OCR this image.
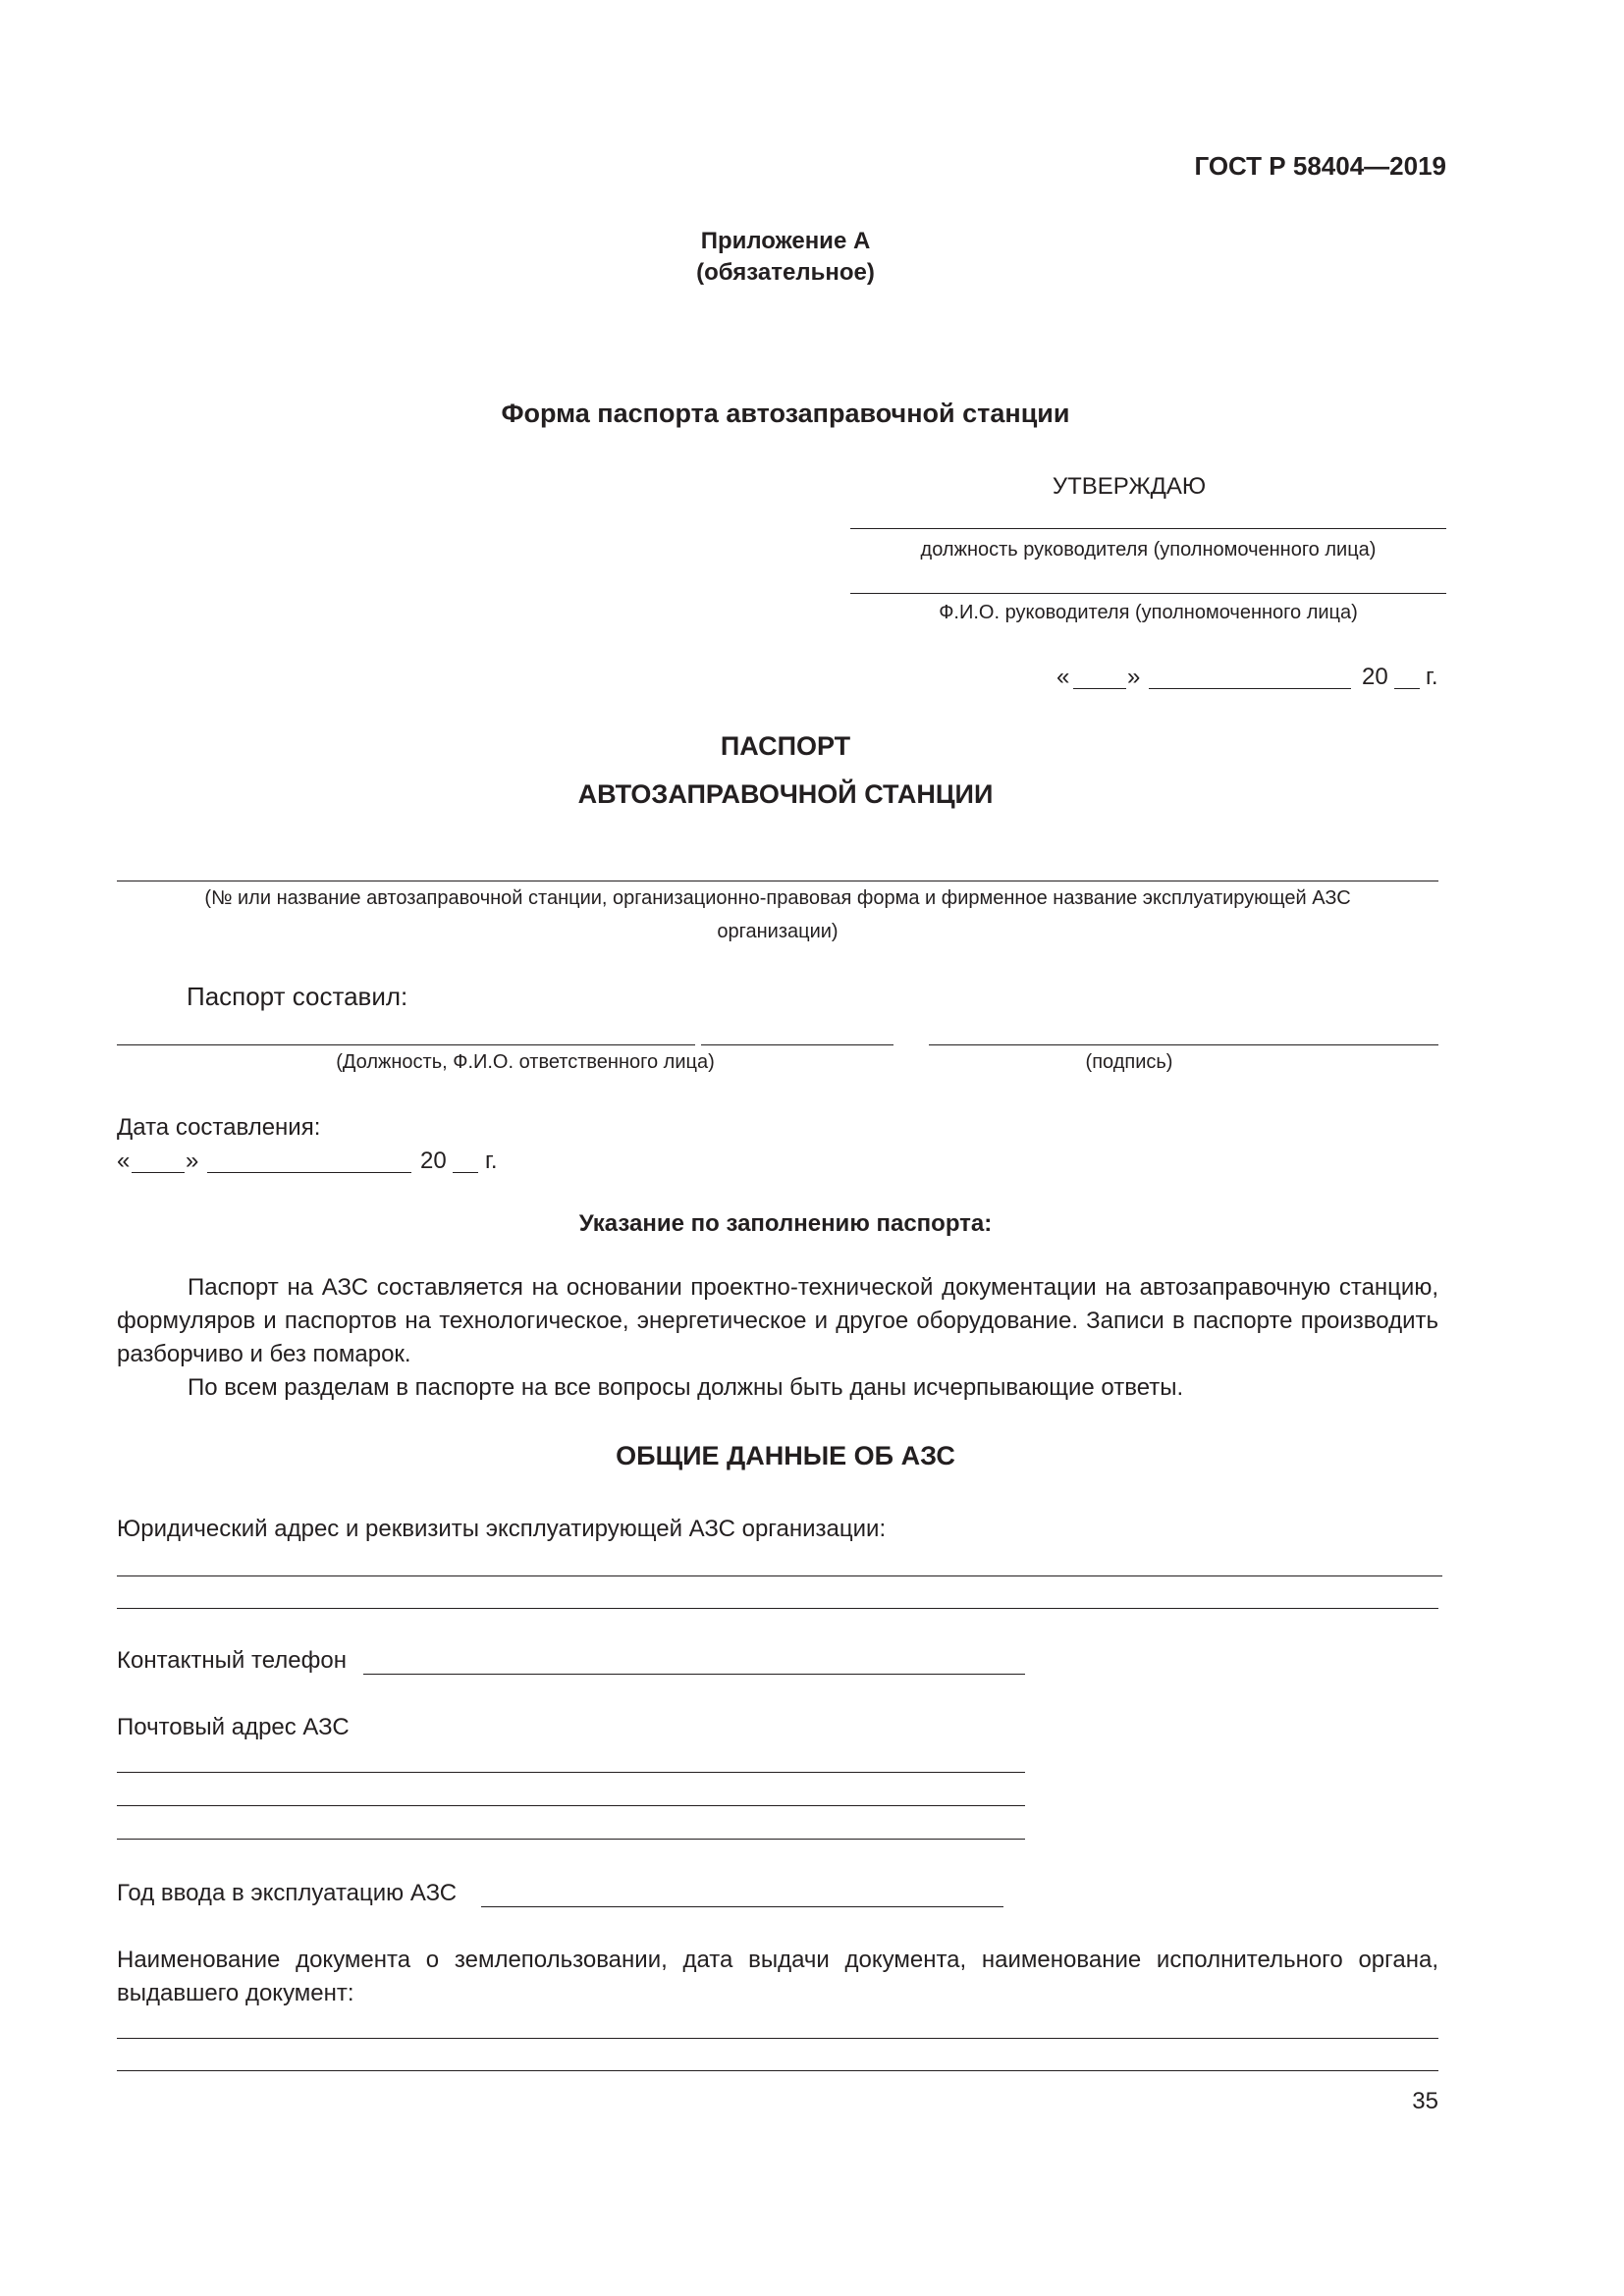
ГОСТ Р 58404—2019
Приложение А
(обязательное)
Форма паспорта автозаправочной станции
УТВЕРЖДАЮ
должность руководителя (уполномоченного лица)
Ф.И.О. руководителя (уполномоченного лица)
« »	20 г.
ПАСПОРТ
АВТОЗАПРАВОЧНОЙ СТАНЦИИ
(№ или название автозаправочной станции, организационно-правовая форма и фирменное название эксплуатирующей АЗС
организации)
Паспорт составил:
(Должность, Ф.И.О. ответственного лица)	(подпись)
Дата составления:
« »	20 г.
Указание по заполнению паспорта:

Паспорт на АЗС составляется на основании проектно-технической документации на автозаправочную станцию, формуляров и паспортов на технологическое, энергетическое и другое оборудование. Записи в паспорте производить разборчиво и без помарок.

По всем разделам в паспорте на все вопросы должны быть даны исчерпывающие ответы.

ОБЩИЕ ДАННЫЕ ОБ АЗС
Юридический адрес и реквизиты эксплуатирующей АЗС организации:
Контактный телефон
Почтовый адрес АЗС
Год ввода в эксплуатацию АЗС
Наименование документа о землепользовании, дата выдачи документа, наименование исполнительного органа, выдавшего документ:
35
